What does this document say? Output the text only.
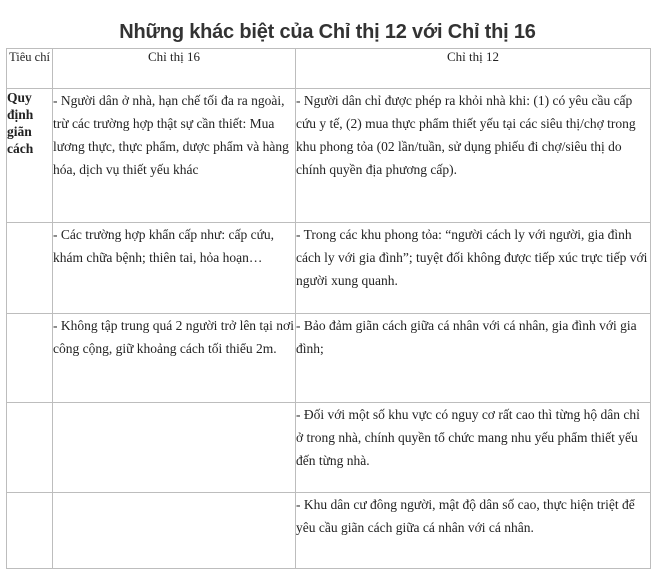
Những khác biệt của Chỉ thị 12 với Chỉ thị 16
Tiêu chí	Chỉ thị 16	Chỉ thị 12
Quy định giãn cách	- Người dân ở nhà, hạn chế tối đa ra ngoài, trừ các trường hợp thật sự cần thiết: Mua lương thực, thực phẩm, dược phẩm và hàng hóa, dịch vụ thiết yếu khác	- Người dân chỉ được phép ra khỏi nhà khi: (1) có yêu cầu cấp cứu y tế, (2) mua thực phẩm thiết yếu tại các siêu thị/chợ trong khu phong tỏa (02 lần/tuần, sử dụng phiếu đi chợ/siêu thị do chính quyền địa phương cấp).
	- Các trường hợp khẩn cấp như: cấp cứu, khám chữa bệnh; thiên tai, hỏa hoạn…	- Trong các khu phong tỏa: “người cách ly với người, gia đình cách ly với gia đình”; tuyệt đối không được tiếp xúc trực tiếp với người xung quanh.
	- Không tập trung quá 2 người trở lên tại nơi công cộng, giữ khoảng cách tối thiểu 2m.	- Bảo đảm giãn cách giữa cá nhân với cá nhân, gia đình với gia đình;
		- Đối với một số khu vực có nguy cơ rất cao thì từng hộ dân chỉ ở trong nhà, chính quyền tổ chức mang nhu yếu phẩm thiết yếu đến từng nhà.
		- Khu dân cư đông người, mật độ dân số cao, thực hiện triệt để yêu cầu giãn cách giữa cá nhân với cá nhân.
